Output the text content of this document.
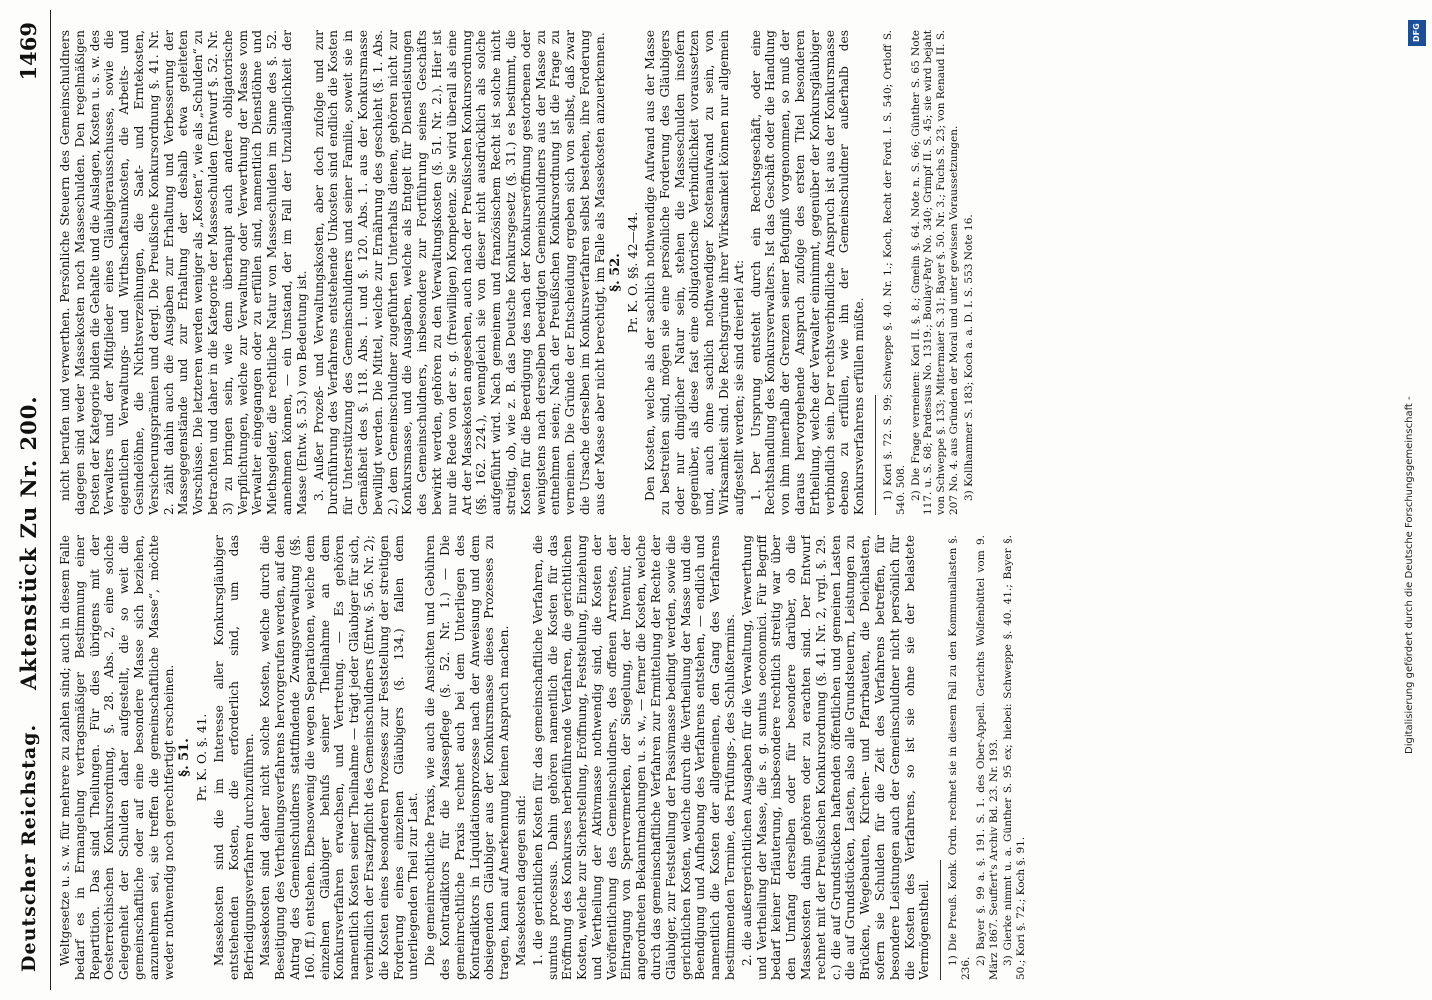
Deutscher Reichstag.
Aktenstück Zu Nr. 200.
1469

Weltgesetze u. s. w. für mehrere zu zahlen sind; auch in diesem Falle bedarf es in Ermangelung vertragsmäßiger Bestimmung einer Repartition. Das sind Theilungen. Für dies übrigens mit der Oesterreichischen Konkursordnung, §. 28. Abs. 2, eine solche Gelegenheit der Schulden daher aufgestellt, die so weit die gemeinschaftliche oder auf eine besondere Masse sich beziehen, anzunehmen sei, sie treffen die gemeinschaftliche Masse“, möchte weder nothwendig noch gerechtfertigt erscheinen. §. 51. Pr. K. O. §. 41. Massekosten sind die im Interesse aller Konkursgläubiger entstehenden Kosten, die erforderlich sind, um das Befriedigungsverfahren durchzuführen. Massekosten sind daher nicht solche Kosten, welche durch die Beseitigung des Vertheilungsverfahrens hervorgerufen werden, auf den Antrag des Gemeinschuldners stattfindende Zwangsverwaltung (§§. 160. ff.) entstehen. Ebensowenig die wegen Separationen, welche dem einzelnen Gläubiger behufs seiner Theilnahme an dem Konkursverfahren erwachsen, und Vertretung. — Es gehören namentlich Kosten seiner Theilnahme — trägt jeder Gläubiger für sich, verbindlich der Ersatzpflicht des Gemeinschuldners (Entw. §. 56. Nr. 2); die Kosten eines besonderen Prozesses zur Feststellung der streitigen Forderung eines einzelnen Gläubigers (§. 134.) fallen dem unterliegenden Theil zur Last. Die gemeinrechtliche Praxis, wie auch die Ansichten und Gebühren des Kontradiktors für die Massepflege (§. 52. Nr. 1.) — Die gemeinrechtliche Praxis rechnet auch bei dem Unterliegen des Kontradiktors in Liquidationsprozesse nach der Anweisung und dem obsiegenden Gläubiger aus der Konkursmasse dieses Prozesses zu tragen, kann auf Anerkennung keinen Anspruch machen. Massekosten dagegen sind: 1. die gerichtlichen Kosten für das gemeinschaftliche Verfahren, die sumtus processus. Dahin gehören namentlich die Kosten für das Eröffnung des Konkurses herbeiführende Verfahren, die gerichtlichen Kosten, welche zur Sicherstellung, Eröffnung, Feststellung, Einziehung und Vertheilung der Aktivmasse nothwendig sind, die Kosten der Veröffentlichung des Gemeinschuldners, des offenen Arrestes, der Eintragung von Sperrvermerken, der Siegelung, der Inventur, der angeordneten Bekanntmachungen u. s. w., — ferner die Kosten, welche durch das gemeinschaftliche Verfahren zur Ermittelung der Rechte der Gläubiger, zur Feststellung der Passivmasse bedingt werden, sowie die gerichtlichen Kosten, welche durch die Vertheilung der Masse und die Beendigung und Aufhebung des Verfahrens entstehen, — endlich und namentlich die Kosten der allgemeinen, den Gang des Verfahrens bestimmenden Termine, des Prüfungs-, des Schlußtermins. 2. die außergerichtlichen Ausgaben für die Verwaltung, Verwerthung und Vertheilung der Masse, die s. g. sumtus oeconomici. Für Begriff bedarf keiner Erläuterung, insbesondere rechtlich streitig war über den Umfang derselben oder für besondere darüber, ob die Massekosten dahin gehören oder zu erachten sind. Der Entwurf rechnet mit der Preußischen Konkursordnung (§. 41. Nr. 2, vrgl. §. 29. c.) die auf Grundstücken haftenden öffentlichen und gemeinen Lasten die auf Grundstücken, Lasten, also alle Grundsteuern, Leistungen zu Brücken, Wegebauten, Kirchen- und Pfarrbauten, die Deichlasten, sofern sie Schulden für die Zeit des Verfahrens betreffen, für besondere Leistungen auch der Gemeinschuldner nicht persönlich für die Kosten des Verfahrens, so ist sie ohne sie der belastete Vermögenstheil. 1) Die Preuß. Konk. Ordn. rechnet sie in diesem Fall zu den Kommunallasten §. 236.

2) Bayer §. 99 a. §. 191. S. 1. des Ober-Appell. Gerichts Wolfenbüttel vom 9. März 1867. Seuffert's Archiv Bd. 23. Nr. 193. 3) Gierke nimmt u. a. Günther S. 95 ex; hiebei: Schweppe §. 40. 41.; Bayer §. 50.; Kori §. 72.; Koch §. 91.

nicht berufen und verwerthen. Persönliche Steuern des Gemeinschuldners dagegen sind weder Massekosten noch Masseschulden. Den regelmäßigen Posten der Kategorie bilden die Gehalte und die Auslagen, Kosten u. s. w. des Verwalters und der Mitglieder eines Gläubigerausschusses, sowie die eigentlichen Verwaltungs- und Wirthschaftsunkosten, die Arbeits- und Gesindelöhne, die Nichtsverzeihungen, die Saat- und Erntekosten, Versicherungsprämien und dergl. Die Preußische Konkursordnung §. 41. Nr. 2. zählt dahin auch die Ausgaben zur Erhaltung und Verbesserung der Massegegenstände und zur Erhaltung der deshalb etwa geleiteten Vorschüsse. Die letzteren werden weniger als „Kosten“, wie als „Schulden“ zu betrachten und daher in die Kategorie der Masseschulden (Entwurf §. 52. Nr. 3) zu bringen sein, wie denn überhaupt auch andere obligatorische Verpflichtungen, welche zur Verwaltung oder Verwerthung der Masse vom Verwalter eingegangen oder zu erfüllen sind, namentlich Dienstlöhne und Miethsgelder, die rechtliche Natur von Masseschulden im Sinne des §. 52. annehmen können, — ein Umstand, der im Fall der Unzulänglichkeit der Masse (Entw. §. 53.) von Bedeutung ist. 3. Außer Prozeß- und Verwaltungskosten, aber doch zufolge und zur Durchführung des Verfahrens entstehende Unkosten sind endlich die Kosten für Unterstützung des Gemeinschuldners und seiner Familie, soweit sie in Gemäßheit des §. 118. Abs. 1. und §. 120. Abs. 1. aus der Konkursmasse bewilligt werden. Die Mittel, welche zur Ernährung des geschieht (§. 1. Abs. 2.) dem Gemeinschuldner zugeführten Unterhalts dienen, gehören nicht zur Konkursmasse, und die Ausgaben, welche als Entgelt für Dienstleistungen des Gemeinschuldners, insbesondere zur Fortführung seines Geschäfts bewirkt werden, gehören zu den Verwaltungskosten (§. 51. Nr. 2.). Hier ist nur die Rede von der s. g. (freiwilligen) Kompetenz. Sie wird überall als eine Art der Massekosten angesehen, auch nach der Preußischen Konkursordnung (§§. 162. 224.), wenngleich sie von dieser nicht ausdrücklich als solche aufgeführt wird. Nach gemeinem und französischem Recht ist solche nicht streitig, ob, wie z. B. das Deutsche Konkursgesetz (§. 31.) es bestimmt, die Kosten für die Beerdigung des nach der Konkurseröffnung gestorbenen oder wenigstens nach derselben beerdigten Gemeinschuldners aus der Masse zu entnehmen seien; Nach der Preußischen Konkursordnung ist die Frage zu verneinen. Die Gründe der Entscheidung ergeben sich von selbst, daß zwar die Ursache derselben im Konkursverfahren selbst bestehen, ihre Forderung aus der Masse aber nicht berechtigt, im Falle als Massekosten anzuerkennen. §. 52. Pr. K. O. §§. 42—44. Den Kosten, welche als der sachlich nothwendige Aufwand aus der Masse zu bestreiten sind, mögen sie eine persönliche Forderung des Gläubigers oder nur dinglicher Natur sein, stehen die Masseschulden insofern gegenüber, als diese fast eine obligatorische Verbindlichkeit voraussetzen und, auch ohne sachlich nothwendiger Kostenaufwand zu sein, von Wirksamkeit sind. Die Rechtsgründe ihrer Wirksamkeit können nur allgemein aufgestellt werden; sie sind dreierlei Art: 1. Der Ursprung entsteht durch ein Rechtsgeschäft, oder eine Rechtshandlung des Konkursverwalters. Ist das Geschäft oder die Handlung von ihm innerhalb der Grenzen seiner Befugniß vorgenommen, so muß der daraus hervorgehende Anspruch zufolge des ersten Titel besonderen Ertheilung, welche der Verwalter einnimmt, gegenüber der Konkursgläubiger verbindlich sein. Der rechtsverbindliche Anspruch ist aus der Konkursmasse ebenso zu erfüllen, wie ihn der Gemeinschuldner außerhalb des Konkursverfahrens erfüllen müßte. 1) Kori §. 72. S. 99; Schweppe §. 40. Nr. 1.; Koch, Recht der Ford. I. S. 540; Ortloff S. 540. 508. 2) Die Frage verneinen: Kori II. §. 8.; Gmelin §. 64. Note n. S. 66; Günther S. 65 Note 117. u. S. 68; Pardessus No. 1319.; Boulay-Paty No. 340; Grimpf II. S. 45; sie wird bejaht von Schweppe §. 133; Mittermaier S. 31; Bayer §. 50. Nr. 3.; Fuchs S. 23; von Renaud II. S. 207 No. 4. aus Gründen der Moral und unter gewissen Voraussetzungen. 3) Kollhammer S. 183; Koch a. a. D. I. S. 553 Note 16.

DFG
Digitalisierung gefördert durch die Deutsche Forschungsgemeinschaft -
